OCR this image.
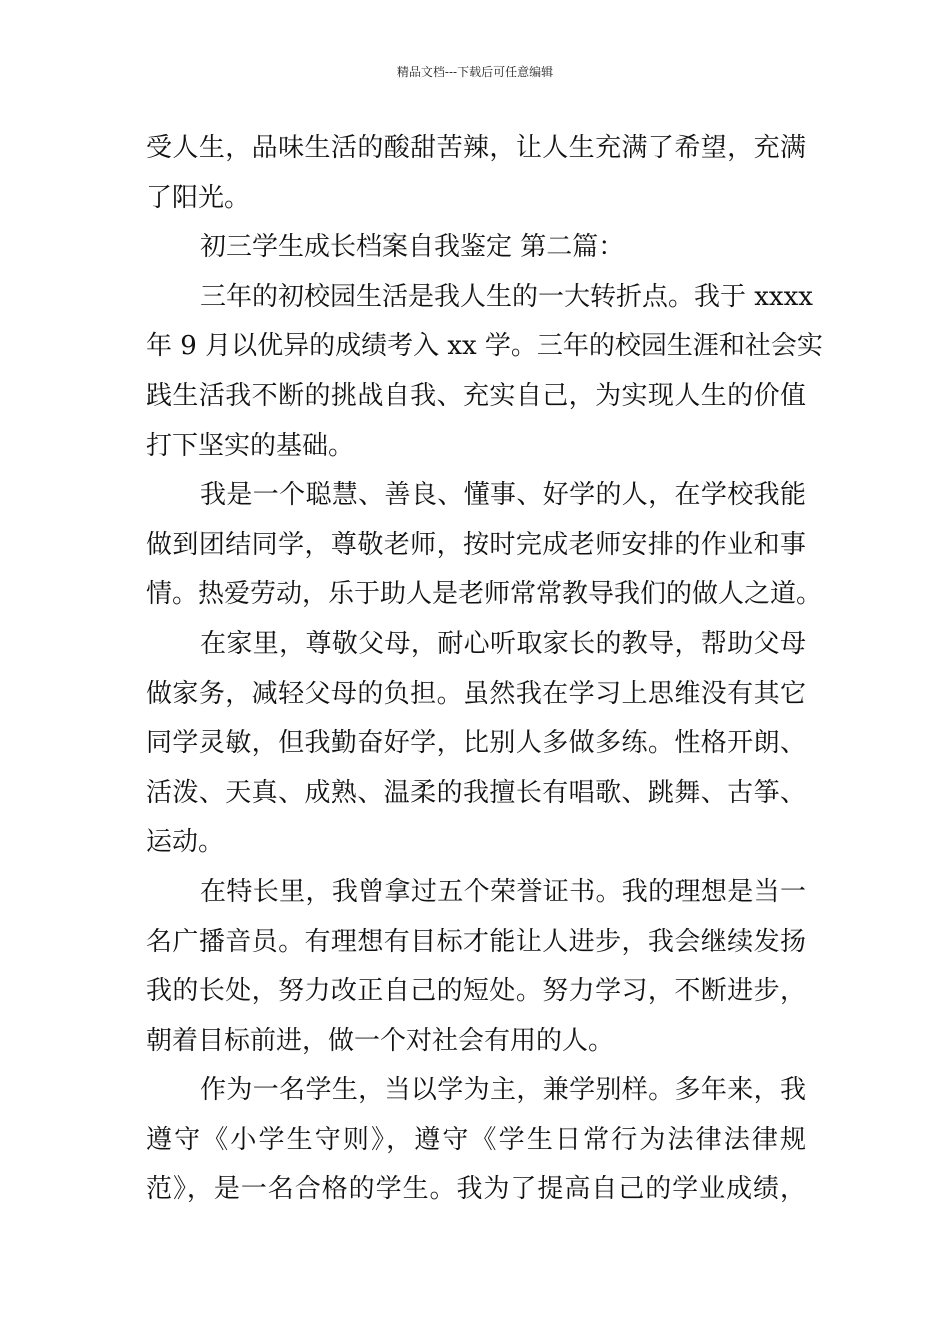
精品文档---下载后可任意编辑
受人生，品味生活的酸甜苦辣，让人生充满了希望，充满
了阳光。
初三学生成长档案自我鉴定 第二篇：
三年的初校园生活是我人生的一大转折点。我于 xxxx
年 9 月以优异的成绩考入 xx 学。三年的校园生涯和社会实
践生活我不断的挑战自我、充实自己，为实现人生的价值
打下坚实的基础。
我是一个聪慧、善良、懂事、好学的人，在学校我能
做到团结同学，尊敬老师，按时完成老师安排的作业和事
情。热爱劳动，乐于助人是老师常常教导我们的做人之道。
在家里，尊敬父母，耐心听取家长的教导，帮助父母
做家务，减轻父母的负担。虽然我在学习上思维没有其它
同学灵敏，但我勤奋好学，比别人多做多练。性格开朗、
活泼、天真、成熟、温柔的我擅长有唱歌、跳舞、古筝、
运动。
在特长里，我曾拿过五个荣誉证书。我的理想是当一
名广播音员。有理想有目标才能让人进步，我会继续发扬
我的长处，努力改正自己的短处。努力学习，不断进步，
朝着目标前进，做一个对社会有用的人。
作为一名学生，当以学为主，兼学别样。多年来，我
遵守《小学生守则》，遵守《学生日常行为法律法律规
范》，是一名合格的学生。我为了提高自己的学业成绩，
